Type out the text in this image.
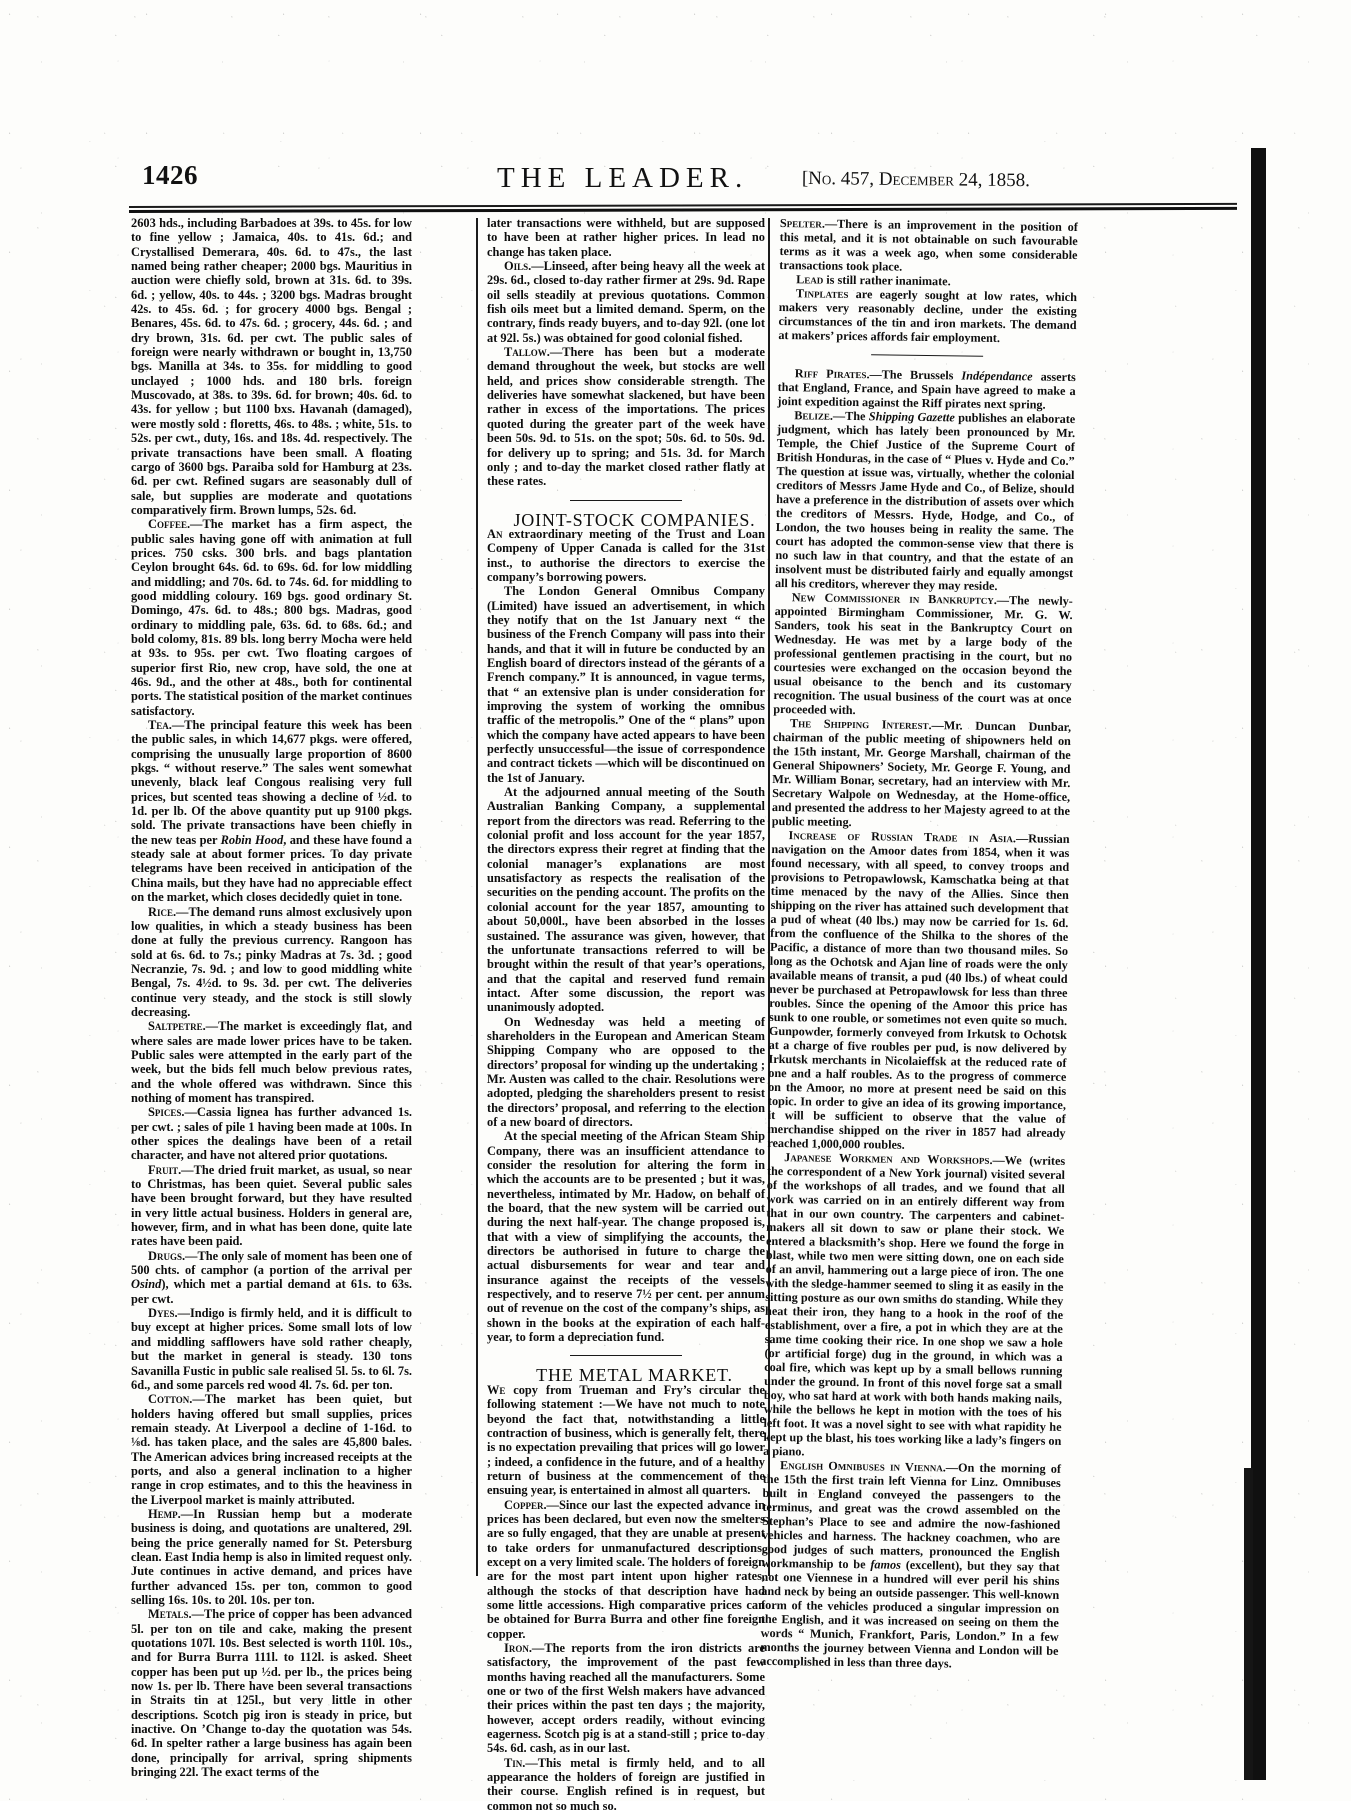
1426	THE LEADER.	[No. 457, December 24, 1858.

2603 hds., including Barbadoes at 39s. to 45s. for low to fine yellow ; Jamaica, 40s. to 41s. 6d.; and Crystallised Demerara, 40s. 6d. to 47s., the last named being rather cheaper; 2000 bgs. Mauritius in auction were chiefly sold, brown at 31s. 6d. to 39s. 6d. ; yellow, 40s. to 44s. ; 3200 bgs. Madras brought 42s. to 45s. 6d. ; for grocery 4000 bgs. Bengal ; Benares, 45s. 6d. to 47s. 6d. ; grocery, 44s. 6d. ; and dry brown, 31s. 6d. per cwt. The public sales of foreign were nearly withdrawn or bought in, 13,750 bgs. Manilla at 34s. to 35s. for middling to good unclayed ; 1000 hds. and 180 brls. foreign Muscovado, at 38s. to 39s. 6d. for brown; 40s. 6d. to 43s. for yellow ; but 1100 bxs. Havanah (damaged), were mostly sold : floretts, 46s. to 48s. ; white, 51s. to 52s. per cwt., duty, 16s. and 18s. 4d. respectively. The private transactions have been small. A floating cargo of 3600 bgs. Paraiba sold for Hamburg at 23s. 6d. per cwt. Refined sugars are seasonably dull of sale, but supplies are moderate and quotations comparatively firm. Brown lumps, 52s. 6d.

Coffee.—The market has a firm aspect, the public sales having gone off with animation at full prices. 750 csks. 300 brls. and bags plantation Ceylon brought 64s. 6d. to 69s. 6d. for low middling and middling; and 70s. 6d. to 74s. 6d. for middling to good middling coloury. 169 bgs. good ordinary St. Domingo, 47s. 6d. to 48s.; 800 bgs. Madras, good ordinary to middling pale, 63s. 6d. to 68s. 6d.; and bold colomy, 81s. 89 bls. long berry Mocha were held at 93s. to 95s. per cwt. Two floating cargoes of superior first Rio, new crop, have sold, the one at 46s. 9d., and the other at 48s., both for continental ports. The statistical position of the market continues satisfactory.

Tea.—The principal feature this week has been the public sales, in which 14,677 pkgs. were offered, comprising the unusually large proportion of 8600 pkgs. “ without reserve.” The sales went somewhat unevenly, black leaf Congous realising very full prices, but scented teas showing a decline of ½d. to 1d. per lb. Of the above quantity put up 9100 pkgs. sold. The private transactions have been chiefly in the new teas per Robin Hood, and these have found a steady sale at about former prices. To day private telegrams have been received in anticipation of the China mails, but they have had no appreciable effect on the market, which closes decidedly quiet in tone.

Rice.—The demand runs almost exclusively upon low qualities, in which a steady business has been done at fully the previous currency. Rangoon has sold at 6s. 6d. to 7s.; pinky Madras at 7s. 3d. ; good Necranzie, 7s. 9d. ; and low to good middling white Bengal, 7s. 4½d. to 9s. 3d. per cwt. The deliveries continue very steady, and the stock is still slowly decreasing.

Saltpetre.—The market is exceedingly flat, and where sales are made lower prices have to be taken. Public sales were attempted in the early part of the week, but the bids fell much below previous rates, and the whole offered was withdrawn. Since this nothing of moment has transpired.

Spices.—Cassia lignea has further advanced 1s. per cwt. ; sales of pile 1 having been made at 100s. In other spices the dealings have been of a retail character, and have not altered prior quotations.

Fruit.—The dried fruit market, as usual, so near to Christmas, has been quiet. Several public sales have been brought forward, but they have resulted in very little actual business. Holders in general are, however, firm, and in what has been done, quite late rates have been paid.

Drugs.—The only sale of moment has been one of 500 chts. of camphor (a portion of the arrival per Osind), which met a partial demand at 61s. to 63s. per cwt.

Dyes.—Indigo is firmly held, and it is difficult to buy except at higher prices. Some small lots of low and middling safflowers have sold rather cheaply, but the market in general is steady. 130 tons Savanilla Fustic in public sale realised 5l. 5s. to 6l. 7s. 6d., and some parcels red wood 4l. 7s. 6d. per ton.

Cotton.—The market has been quiet, but holders having offered but small supplies, prices remain steady. At Liverpool a decline of 1-16d. to ⅛d. has taken place, and the sales are 45,800 bales. The American advices bring increased receipts at the ports, and also a general inclination to a higher range in crop estimates, and to this the heaviness in the Liverpool market is mainly attributed.

Hemp.—In Russian hemp but a moderate business is doing, and quotations are unaltered, 29l. being the price generally named for St. Petersburg clean. East India hemp is also in limited request only. Jute continues in active demand, and prices have further advanced 15s. per ton, common to good selling 16s. 10s. to 20l. 10s. per ton.

Metals.—The price of copper has been advanced 5l. per ton on tile and cake, making the present quotations 107l. 10s. Best selected is worth 110l. 10s., and for Burra Burra 111l. to 112l. is asked. Sheet copper has been put up ½d. per lb., the prices being now 1s. per lb. There have been several transactions in Straits tin at 125l., but very little in other descriptions. Scotch pig iron is steady in price, but inactive. On ’Change to-day the quotation was 54s. 6d. In spelter rather a large business has again been done, principally for arrival, spring shipments bringing 22l. The exact terms of the

later transactions were withheld, but are supposed to have been at rather higher prices. In lead no change has taken place.

Oils.—Linseed, after being heavy all the week at 29s. 6d., closed to-day rather firmer at 29s. 9d. Rape oil sells steadily at previous quotations. Common fish oils meet but a limited demand. Sperm, on the contrary, finds ready buyers, and to-day 92l. (one lot at 92l. 5s.) was obtained for good colonial fished.

Tallow.—There has been but a moderate demand throughout the week, but stocks are well held, and prices show considerable strength. The deliveries have somewhat slackened, but have been rather in excess of the importations. The prices quoted during the greater part of the week have been 50s. 9d. to 51s. on the spot; 50s. 6d. to 50s. 9d. for delivery up to spring; and 51s. 3d. for March only ; and to-day the market closed rather flatly at these rates.

JOINT-STOCK COMPANIES.

An extraordinary meeting of the Trust and Loan Compeny of Upper Canada is called for the 31st inst., to authorise the directors to exercise the company’s borrowing powers.

The London General Omnibus Company (Limited) have issued an advertisement, in which they notify that on the 1st January next “ the business of the French Company will pass into their hands, and that it will in future be conducted by an English board of directors instead of the gérants of a French company.” It is announced, in vague terms, that “ an extensive plan is under consideration for improving the system of working the omnibus traffic of the metropolis.” One of the “ plans” upon which the company have acted appears to have been perfectly unsuccessful—the issue of correspondence and contract tickets —which will be discontinued on the 1st of January.

At the adjourned annual meeting of the South Australian Banking Company, a supplemental report from the directors was read. Referring to the colonial profit and loss account for the year 1857, the directors express their regret at finding that the colonial manager’s explanations are most unsatisfactory as respects the realisation of the securities on the pending account. The profits on the colonial account for the year 1857, amounting to about 50,000l., have been absorbed in the losses sustained. The assurance was given, however, that the unfortunate transactions referred to will be brought within the result of that year’s operations, and that the capital and reserved fund remain intact. After some discussion, the report was unanimously adopted.

On Wednesday was held a meeting of shareholders in the European and American Steam Shipping Company who are opposed to the directors’ proposal for winding up the undertaking ; Mr. Austen was called to the chair. Resolutions were adopted, pledging the shareholders present to resist the directors’ proposal, and referring to the election of a new board of directors.

At the special meeting of the African Steam Ship Company, there was an insufficient attendance to consider the resolution for altering the form in which the accounts are to be presented ; but it was, nevertheless, intimated by Mr. Hadow, on behalf of the board, that the new system will be carried out during the next half-year. The change proposed is, that with a view of simplifying the accounts, the directors be authorised in future to charge the actual disbursements for wear and tear and insurance against the receipts of the vessels respectively, and to reserve 7½ per cent. per annum out of revenue on the cost of the company’s ships, as shown in the books at the expiration of each half-year, to form a depreciation fund.

THE METAL MARKET.

We copy from Trueman and Fry’s circular the following statement :—We have not much to note beyond the fact that, notwithstanding a little contraction of business, which is generally felt, there is no expectation prevailing that prices will go lower ; indeed, a confidence in the future, and of a healthy return of business at the commencement of the ensuing year, is entertained in almost all quarters.

Copper.—Since our last the expected advance in prices has been declared, but even now the smelters are so fully engaged, that they are unable at present to take orders for unmanufactured descriptions, except on a very limited scale. The holders of foreign are for the most part intent upon higher rates, although the stocks of that description have had some little accessions. High comparative prices can be obtained for Burra Burra and other fine foreign copper.

Iron.—The reports from the iron districts are satisfactory, the improvement of the past few months having reached all the manufacturers. Some one or two of the first Welsh makers have advanced their prices within the past ten days ; the majority, however, accept orders readily, without evincing eagerness. Scotch pig is at a stand-still ; price to-day 54s. 6d. cash, as in our last.

Tin.—This metal is firmly held, and to all appearance the holders of foreign are justified in their course. English refined is in request, but common not so much so.

Spelter.—There is an improvement in the position of this metal, and it is not obtainable on such favourable terms as it was a week ago, when some considerable transactions took place.

Lead is still rather inanimate.

Tinplates are eagerly sought at low rates, which makers very reasonably decline, under the existing circumstances of the tin and iron markets. The demand at makers’ prices affords fair employment.

Riff Pirates.—The Brussels Indépendance asserts that England, France, and Spain have agreed to make a joint expedition against the Riff pirates next spring.

Belize.—The Shipping Gazette publishes an elaborate judgment, which has lately been pronounced by Mr. Temple, the Chief Justice of the Supreme Court of British Honduras, in the case of “ Plues v. Hyde and Co.” The question at issue was, virtually, whether the colonial creditors of Messrs Jame Hyde and Co., of Belize, should have a preference in the distribution of assets over which the creditors of Messrs. Hyde, Hodge, and Co., of London, the two houses being in reality the same. The court has adopted the common-sense view that there is no such law in that country, and that the estate of an insolvent must be distributed fairly and equally amongst all his creditors, wherever they may reside.

New Commissioner in Bankruptcy.—The newly-appointed Birmingham Commissioner, Mr. G. W. Sanders, took his seat in the Bankruptcy Court on Wednesday. He was met by a large body of the professional gentlemen practising in the court, but no courtesies were exchanged on the occasion beyond the usual obeisance to the bench and its customary recognition. The usual business of the court was at once proceeded with.

The Shipping Interest.—Mr. Duncan Dunbar, chairman of the public meeting of shipowners held on the 15th instant, Mr. George Marshall, chairman of the General Shipowners’ Society, Mr. George F. Young, and Mr. William Bonar, secretary, had an interview with Mr. Secretary Walpole on Wednesday, at the Home-office, and presented the address to her Majesty agreed to at the public meeting.

Increase of Russian Trade in Asia.—Russian navigation on the Amoor dates from 1854, when it was found necessary, with all speed, to convey troops and provisions to Petropawlowsk, Kamschatka being at that time menaced by the navy of the Allies. Since then shipping on the river has attained such development that a pud of wheat (40 lbs.) may now be carried for 1s. 6d. from the confluence of the Shilka to the shores of the Pacific, a distance of more than two thousand miles. So long as the Ochotsk and Ajan line of roads were the only available means of transit, a pud (40 lbs.) of wheat could never be purchased at Petropawlowsk for less than three roubles. Since the opening of the Amoor this price has sunk to one rouble, or sometimes not even quite so much. Gunpowder, formerly conveyed from Irkutsk to Ochotsk at a charge of five roubles per pud, is now delivered by Irkutsk merchants in Nicolaieffsk at the reduced rate of one and a half roubles. As to the progress of commerce on the Amoor, no more at present need be said on this topic. In order to give an idea of its growing importance, it will be sufficient to observe that the value of merchandise shipped on the river in 1857 had already reached 1,000,000 roubles.

Japanese Workmen and Workshops.—We (writes the correspondent of a New York journal) visited several of the workshops of all trades, and we found that all work was carried on in an entirely different way from that in our own country. The carpenters and cabinet-makers all sit down to saw or plane their stock. We entered a blacksmith’s shop. Here we found the forge in blast, while two men were sitting down, one on each side of an anvil, hammering out a large piece of iron. The one with the sledge-hammer seemed to sling it as easily in the sitting posture as our own smiths do standing. While they heat their iron, they hang to a hook in the roof of the establishment, over a fire, a pot in which they are at the same time cooking their rice. In one shop we saw a hole (or artificial forge) dug in the ground, in which was a coal fire, which was kept up by a small bellows running under the ground. In front of this novel forge sat a small boy, who sat hard at work with both hands making nails, while the bellows he kept in motion with the toes of his left foot. It was a novel sight to see with what rapidity he kept up the blast, his toes working like a lady’s fingers on a piano.

English Omnibuses in Vienna.—On the morning of the 15th the first train left Vienna for Linz. Omnibuses built in England conveyed the passengers to the terminus, and great was the crowd assembled on the Stephan’s Place to see and admire the now-fashioned vehicles and harness. The hackney coachmen, who are good judges of such matters, pronounced the English workmanship to be famos (excellent), but they say that not one Viennese in a hundred will ever peril his shins and neck by being an outside passenger. This well-known form of the vehicles produced a singular impression on the English, and it was increased on seeing on them the words “ Munich, Frankfort, Paris, London.” In a few months the journey between Vienna and London will be accomplished in less than three days.
